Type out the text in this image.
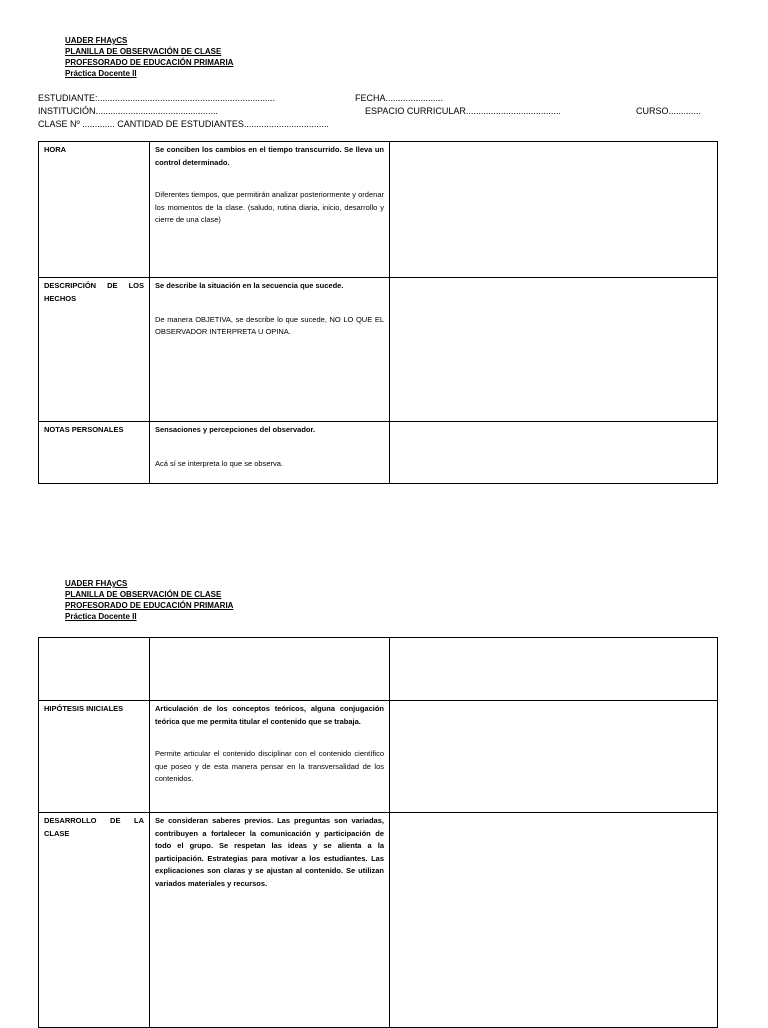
UADER FHAyCS
PLANILLA DE OBSERVACIÓN DE CLASE
PROFESORADO DE EDUCACIÓN PRIMARIA
Práctica Docente II
ESTUDIANTE:.......................................................................	FECHA.......................
INSTITUCIÓN.................................................	ESPACIO CURRICULAR......................................	CURSO.............
CLASE Nº ............. CANTIDAD DE ESTUDIANTES..................................
HORA	Se conciben los cambios en el tiempo transcurrido. Se lleva un control determinado.
Diferentes tiempos, que permitirán analizar posteriormente y ordenar los momentos de la clase. (saludo, rutina diaria, inicio, desarrollo y cierre de una clase)	

DESCRIPCIÓN DE LOS HECHOS	Se describe la situación en la secuencia que sucede.
De manera OBJETIVA, se describe lo que sucede, NO LO QUE EL OBSERVADOR INTERPRETA U OPINA.	

NOTAS PERSONALES	Sensaciones y percepciones del observador.
Acá sí se interpreta lo que se observa.	

UADER FHAyCS
PLANILLA DE OBSERVACIÓN DE CLASE
PROFESORADO DE EDUCACIÓN PRIMARIA
Práctica Docente II

HIPÓTESIS INICIALES	Articulación de los conceptos teóricos, alguna conjugación teórica que me permita titular el contenido que se trabaja.
Permite articular el contenido disciplinar con el contenido científico que poseo y de esta manera pensar en la transversalidad de los contenidos.	

DESARROLLO DE LA CLASE	Se consideran saberes previos. Las preguntas son variadas, contribuyen a fortalecer la comunicación y participación de todo el grupo. Se respetan las ideas y se alienta a la participación. Estrategias para motivar a los estudiantes. Las explicaciones son claras y se ajustan al contenido. Se utilizan variados materiales y recursos.	
